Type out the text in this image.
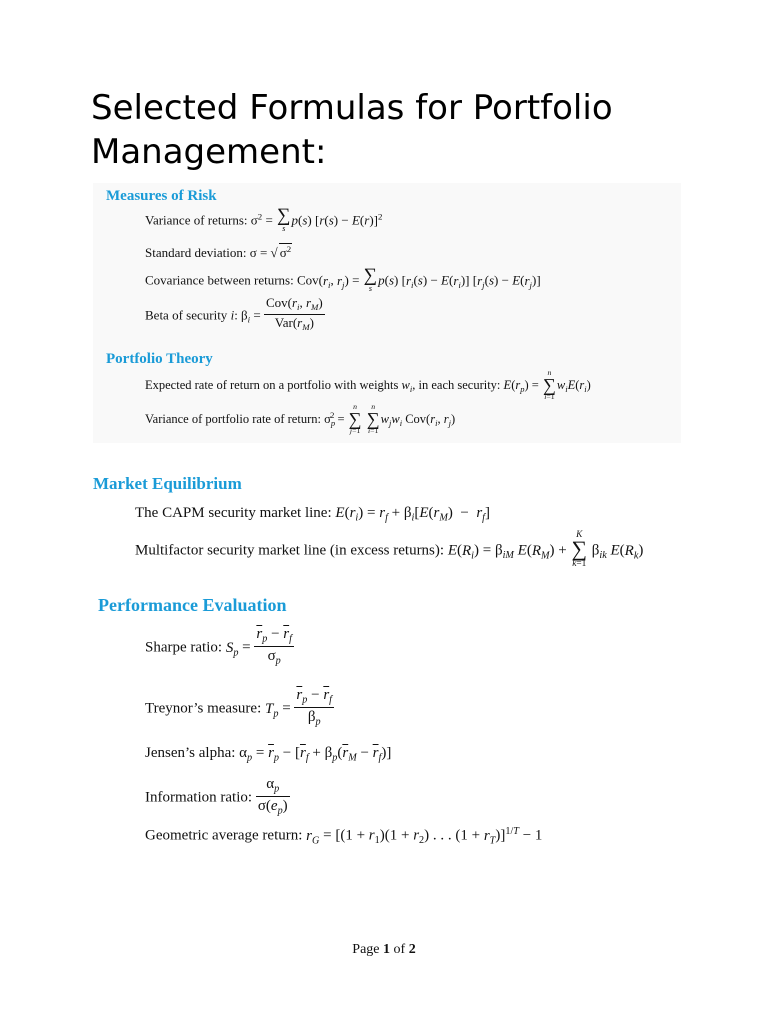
Selected Formulas for Portfolio Management:
Measures of Risk
Variance of returns: $\sigma^2$ = ∑
s
p(s) $[r(s) - E(r)]^2$
Standard deviation: σ = √ $\sigma^2$
Covariance between returns: $Cov(r_i$, $r_j$) = ∑
s
p(s) $[r_i(s) - E(r_i)] [r_j(s) - E(r_j)]$
Beta of security i: $\beta_i = \frac{Cov(r_i, r_M)}{Var(r_M)}$
Portfolio Theory
Expected rate of return on a portfolio with weights $w_i$, in each security: $E(r_p)$ =
n
∑
i=1
$w_iE(r_i)$
Variance of portfolio rate of return: $\sigma_p^2$ =
n
∑
j=1

n
∑
i=1
$w_jw_i$ $Cov(r_i$, $r_j$)
Market Equilibrium
The CAPM security market line: $E(r_i) = r_f + \beta_i[E(r_M) - r_f]$
Multifactor security market line (in excess returns): $E(R_i) = \beta_{iM}$ $E(R_M)$ +
K
∑
k=1
$\beta_{ik}$ $E(R_k)$
Performance Evaluation
Sharpe ratio: $S_p = \frac{\overline{r}_p - \overline{r}_f}{\sigma_p}$
Treynor’s measure: $T_p = \frac{\overline{r}_p - \overline{r}_f}{\beta_p}$
Jensen’s alpha: $\alpha_p = \overline{r}_p - [\overline{r}_f + \beta_p(\overline{r}_M - \overline{r}_f)]$
Information ratio: $\frac{\alpha_p}{\sigma(e_p)}$
Geometric average return: $r_G = [(1 + r_1)(1 + r_2)$ . . . $(1 + r_T)]^{1/T} - 1$
Page 1 of 2
